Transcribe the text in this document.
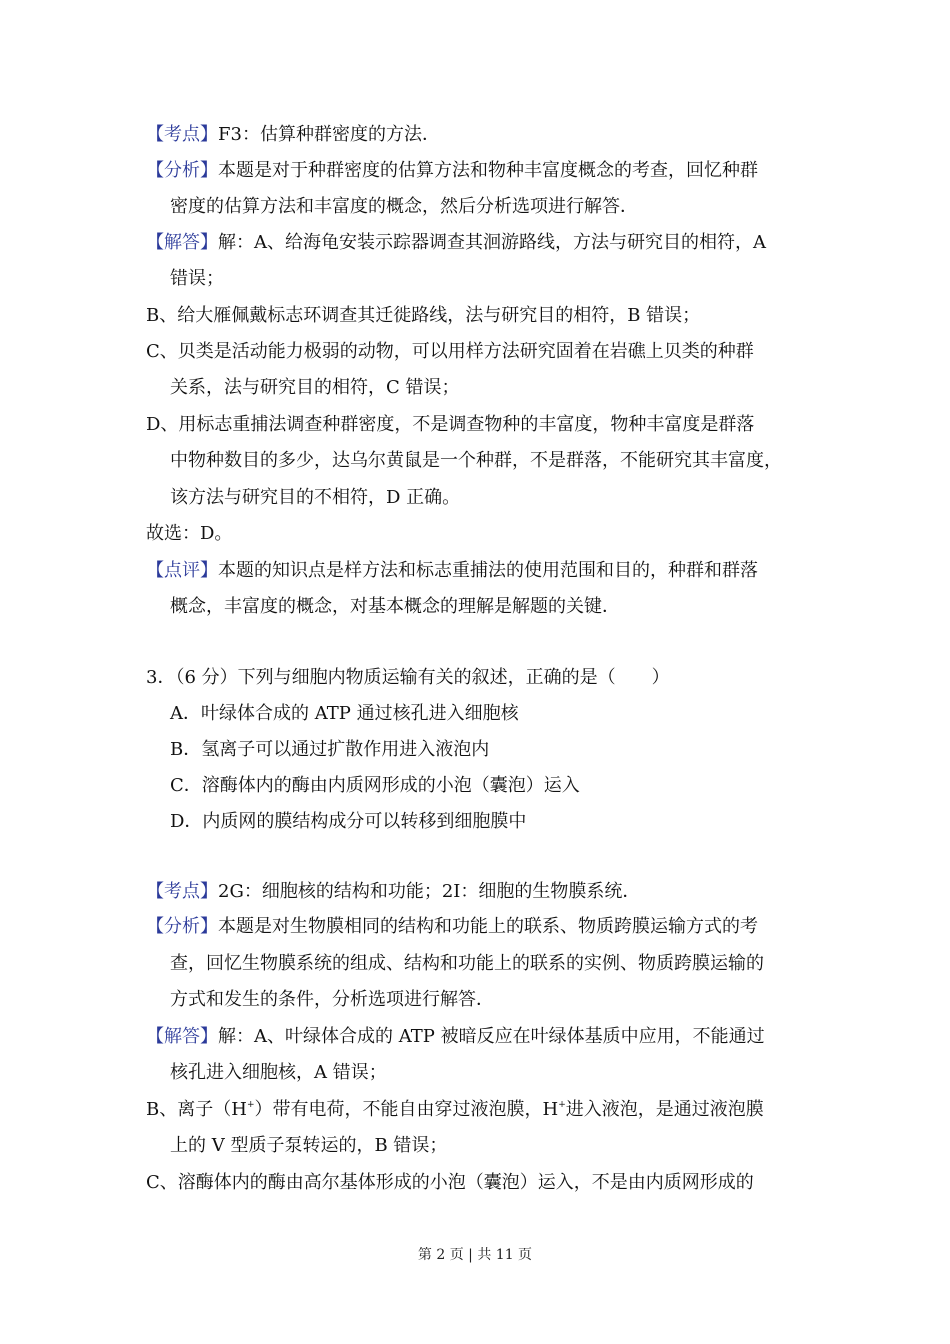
【考点】F3：估算种群密度的方法．
【分析】本题是对于种群密度的估算方法和物种丰富度概念的考查，回忆种群
密度的估算方法和丰富度的概念，然后分析选项进行解答．
【解答】解：A、给海龟安装示踪器调查其洄游路线，方法与研究目的相符，A
错误；
B、给大雁佩戴标志环调查其迁徙路线，法与研究目的相符，B 错误；
C、贝类是活动能力极弱的动物，可以用样方法研究固着在岩礁上贝类的种群
关系，法与研究目的相符，C 错误；
D、用标志重捕法调查种群密度，不是调查物种的丰富度，物种丰富度是群落
中物种数目的多少，达乌尔黄鼠是一个种群，不是群落，不能研究其丰富度，
该方法与研究目的不相符，D 正确。
故选：D。
【点评】本题的知识点是样方法和标志重捕法的使用范围和目的，种群和群落
概念，丰富度的概念，对基本概念的理解是解题的关键．
3．（6 分）下列与细胞内物质运输有关的叙述，正确的是（　　）
A．叶绿体合成的 ATP 通过核孔进入细胞核
B．氢离子可以通过扩散作用进入液泡内
C．溶酶体内的酶由内质网形成的小泡（囊泡）运入
D．内质网的膜结构成分可以转移到细胞膜中
【考点】2G：细胞核的结构和功能；2I：细胞的生物膜系统．
【分析】本题是对生物膜相同的结构和功能上的联系、物质跨膜运输方式的考
查，回忆生物膜系统的组成、结构和功能上的联系的实例、物质跨膜运输的
方式和发生的条件，分析选项进行解答．
【解答】解：A、叶绿体合成的 ATP 被暗反应在叶绿体基质中应用，不能通过
核孔进入细胞核，A 错误；
B、离子（H+）带有电荷，不能自由穿过液泡膜，H+进入液泡，是通过液泡膜
上的 V 型质子泵转运的，B 错误；
C、溶酶体内的酶由高尔基体形成的小泡（囊泡）运入，不是由内质网形成的
第 2 页 | 共 11 页
